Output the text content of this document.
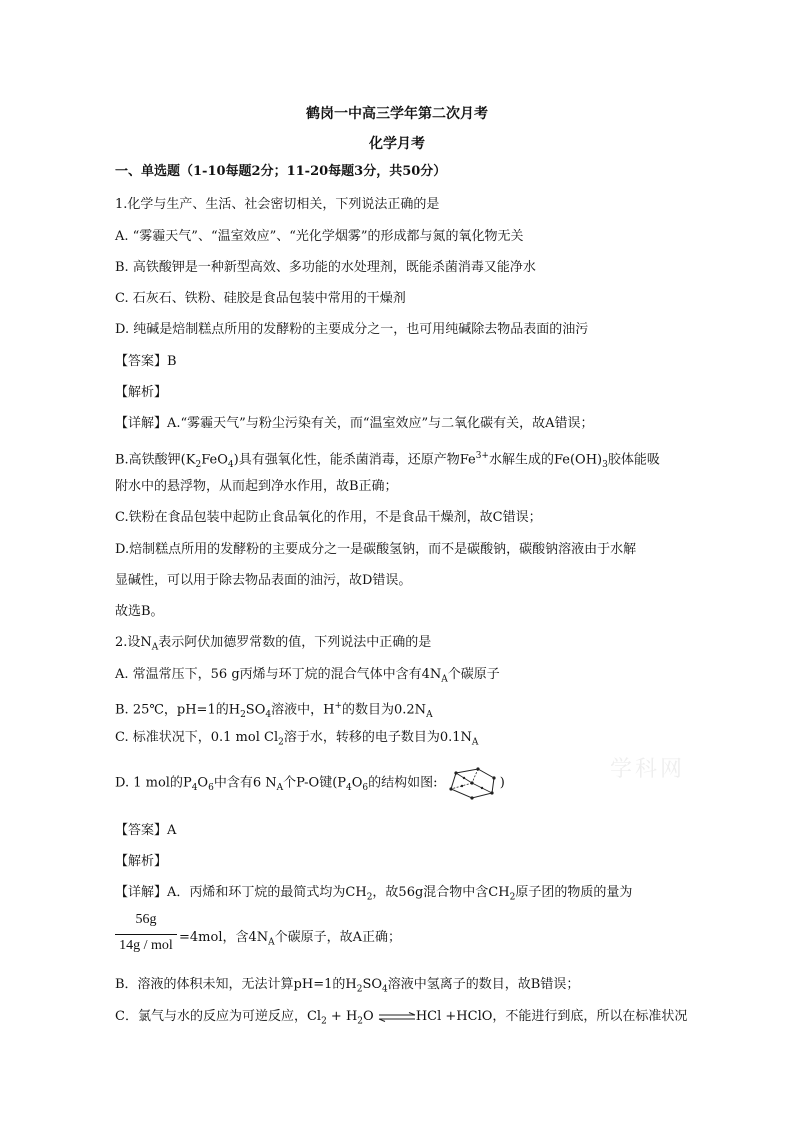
鹤岗一中高三学年第二次月考
化学月考
一、单选题（1-10每题2分；11-20每题3分，共50分）
1.化学与生产、生活、社会密切相关，下列说法正确的是
A. “雾霾天气”、“温室效应”、“光化学烟雾”的形成都与氮的氧化物无关
B. 高铁酸钾是一种新型高效、多功能的水处理剂，既能杀菌消毒又能净水
C. 石灰石、铁粉、硅胶是食品包装中常用的干燥剂
D. 纯碱是焙制糕点所用的发酵粉的主要成分之一，也可用纯碱除去物品表面的油污
【答案】B
【解析】
【详解】A.“雾霾天气”与粉尘污染有关，而“温室效应”与二氧化碳有关，故A错误；
B.高铁酸钾$(K_2FeO_4)$具有强氧化性，能杀菌消毒，还原产物$Fe^{3+}$水解生成的$Fe(OH)_3$胶体能吸
附水中的悬浮物，从而起到净水作用，故B正确；
C.铁粉在食品包装中起防止食品氧化的作用，不是食品干燥剂，故C错误；
D.焙制糕点所用的发酵粉的主要成分之一是碳酸氢钠，而不是碳酸钠，碳酸钠溶液由于水解
显碱性，可以用于除去物品表面的油污，故D错误。
故选B。
2.设$N_A$表示阿伏加德罗常数的值，下列说法中正确的是
A. 常温常压下，56 g丙烯与环丁烷的混合气体中含有$4N_A$个碳原子
B. 25℃，pH=1的$H_2SO_4$溶液中，H+的数目为$0.2N_A$
C. 标准状况下，0.1 mol $Cl_2$溶于水，转移的电子数目为$0.1N_A$
D. 1 mol的$P_4O_6$中含有6 $N_A$个P-O键($P_4O_6$的结构如图:	)
【答案】A
【解析】
【详解】A．丙烯和环丁烷的最简式均为$CH_2$，故56g混合物中含$CH_2$原子团的物质的量为
56g
14g / mol
=4mol，含$4N_A$个碳原子，故A正确；
B．溶液的体积未知，无法计算pH=1的$H_2SO_4$溶液中氢离子的数目，故B错误；
C．氯气与水的反应为可逆反应，$Cl_2 + H_2O$ ⇌HCl +HClO，不能进行到底，所以在标准状况
学科网
